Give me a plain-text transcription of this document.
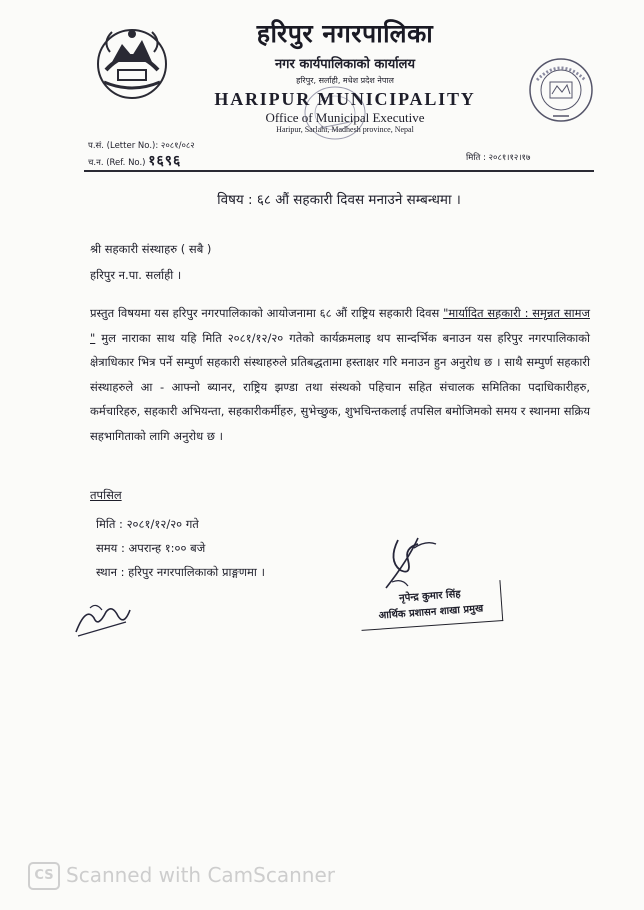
हरिपुर नगरपालिका
नगर कार्यपालिकाको कार्यालय
हरिपुर, सर्लाही, मधेश प्रदेश नेपाल
HARIPUR MUNICIPALITY
Office of Municipal Executive
Haripur, Sarlahi, Madhesh province, Nepal
प.सं. (Letter No.): २०८१/०८२
च.न. (Ref. No.) १६९६	मिति : २०८१।१२।१७
विषय : ६८ औं सहकारी दिवस मनाउने सम्बन्धमा ।
श्री सहकारी संस्थाहरु ( सबै )
हरिपुर न.पा. सर्लाही ।
प्रस्तुत विषयमा यस हरिपुर नगरपालिकाको आयोजनामा ६८ औं राष्ट्रिय सहकारी दिवस "मार्यादित सहकारी : समृन्नत सामज " मुल नाराका साथ यहि मिति २०८१/१२/२० गतेको कार्यक्रमलाइ थप सान्दर्भिक बनाउन यस हरिपुर नगरपालिकाको क्षेत्राधिकार भित्र पर्ने सम्पुर्ण सहकारी संस्थाहरुले प्रतिबद्धतामा हस्ताक्षर गरि मनाउन हुन अनुरोध छ । साथै सम्पुर्ण सहकारी संस्थाहरुले आ - आफ्नो ब्यानर, राष्ट्रिय झण्डा तथा संस्थको पहिचान सहित संचालक समितिका पदाधिकारीहरु, कर्मचारिहरु, सहकारी अभियन्ता, सहकारीकर्मीहरु, सुभेच्छुक, शुभचिन्तकलाई तपसिल बमोजिमको समय र स्थानमा सक्रिय सहभागिताको लागि अनुरोध छ ।
तपसिल
मिति : २०८१/१२/२० गते
समय : अपरान्ह १:०० बजे
स्थान : हरिपुर नगरपालिकाको प्राङ्गणमा ।
नृपेन्द्र कुमार सिंह
आर्थिक प्रशासन शाखा प्रमुख
CS Scanned with CamScanner
